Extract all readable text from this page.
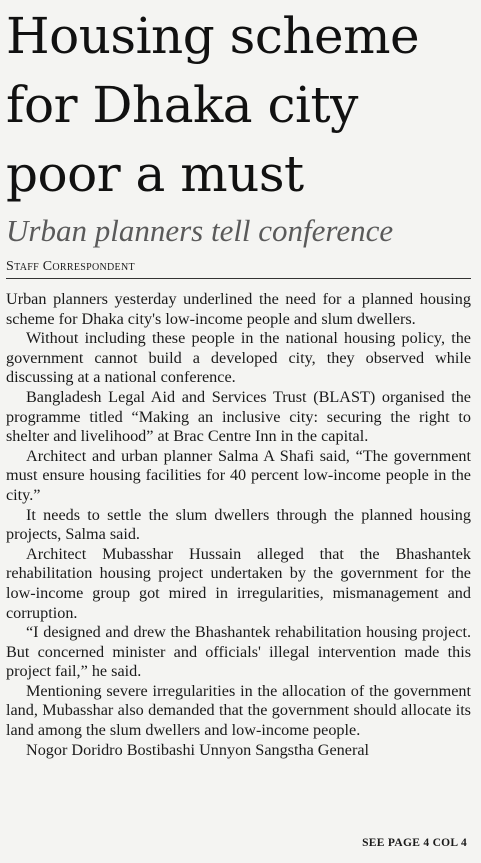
Housing scheme
for Dhaka city
poor a must
Urban planners tell conference
Staff Correspondent

Urban planners yesterday underlined the need for a planned housing scheme for Dhaka city's low-income people and slum dwellers.

Without including these people in the national housing policy, the government cannot build a developed city, they observed while discussing at a national conference.

Bangladesh Legal Aid and Services Trust (BLAST) organised the programme titled “Making an inclusive city: securing the right to shelter and livelihood” at Brac Centre Inn in the capital.

Architect and urban planner Salma A Shafi said, “The government must ensure housing facilities for 40 percent low-income people in the city.”

It needs to settle the slum dwellers through the planned housing projects, Salma said.

Architect Mubasshar Hussain alleged that the Bhashantek rehabilitation housing project undertaken by the government for the low-income group got mired in irregularities, mismanagement and corruption.

“I designed and drew the Bhashantek rehabilitation housing project. But concerned minister and officials' illegal intervention made this project fail,” he said.

Mentioning severe irregularities in the allocation of the government land, Mubasshar also demanded that the government should allocate its land among the slum dwellers and low-income people.

Nogor Doridro Bostibashi Unnyon Sangstha General

SEE PAGE 4 COL 4
